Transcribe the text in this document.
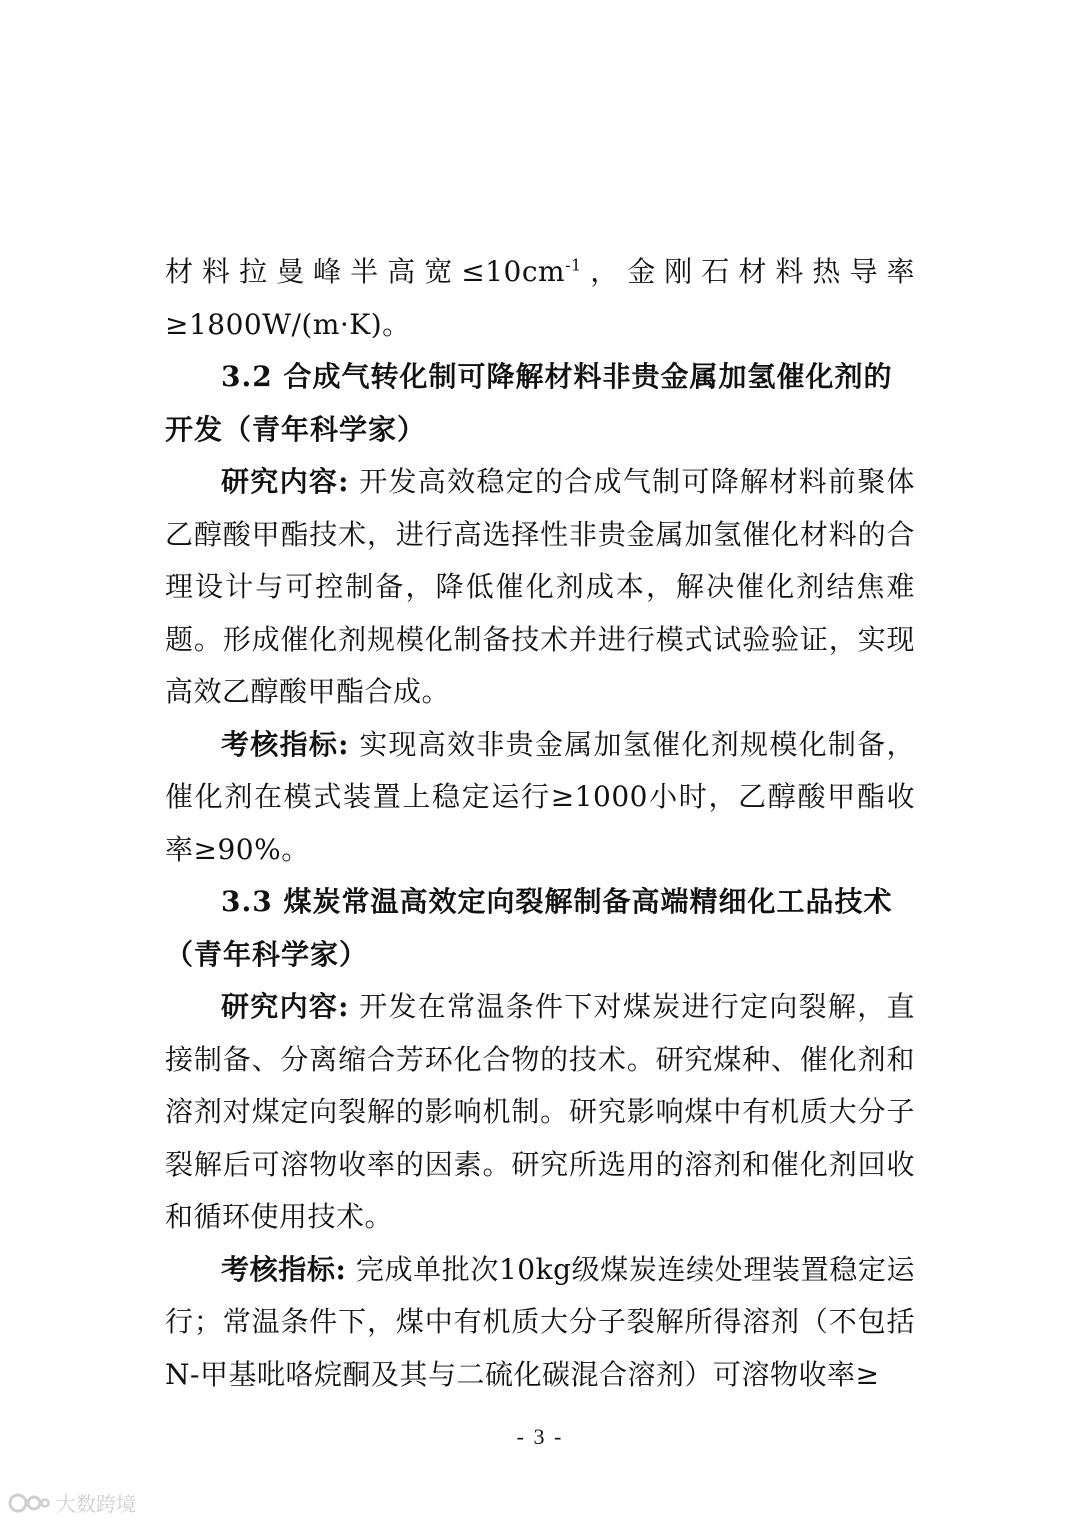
材料拉曼峰半高宽$\le 10cm^{-1}$，金刚石材料热导率≥1800W/(m·K)。

3.2 合成气转化制可降解材料非贵金属加氢催化剂的开发（青年科学家）

研究内容: 开发高效稳定的合成气制可降解材料前聚体乙醇酸甲酯技术，进行高选择性非贵金属加氢催化材料的合理设计与可控制备，降低催化剂成本，解决催化剂结焦难题。形成催化剂规模化制备技术并进行模式试验验证，实现高效乙醇酸甲酯合成。

考核指标: 实现高效非贵金属加氢催化剂规模化制备，催化剂在模式装置上稳定运行≥1000小时，乙醇酸甲酯收率≥90%。

3.3 煤炭常温高效定向裂解制备高端精细化工品技术（青年科学家）

研究内容: 开发在常温条件下对煤炭进行定向裂解，直接制备、分离缩合芳环化合物的技术。研究煤种、催化剂和溶剂对煤定向裂解的影响机制。研究影响煤中有机质大分子裂解后可溶物收率的因素。研究所选用的溶剂和催化剂回收和循环使用技术。

考核指标: 完成单批次10kg级煤炭连续处理装置稳定运行；常温条件下，煤中有机质大分子裂解所得溶剂（不包括N-甲基吡咯烷酮及其与二硫化碳混合溶剂）可溶物收率≥

- 3 -
大数跨境
